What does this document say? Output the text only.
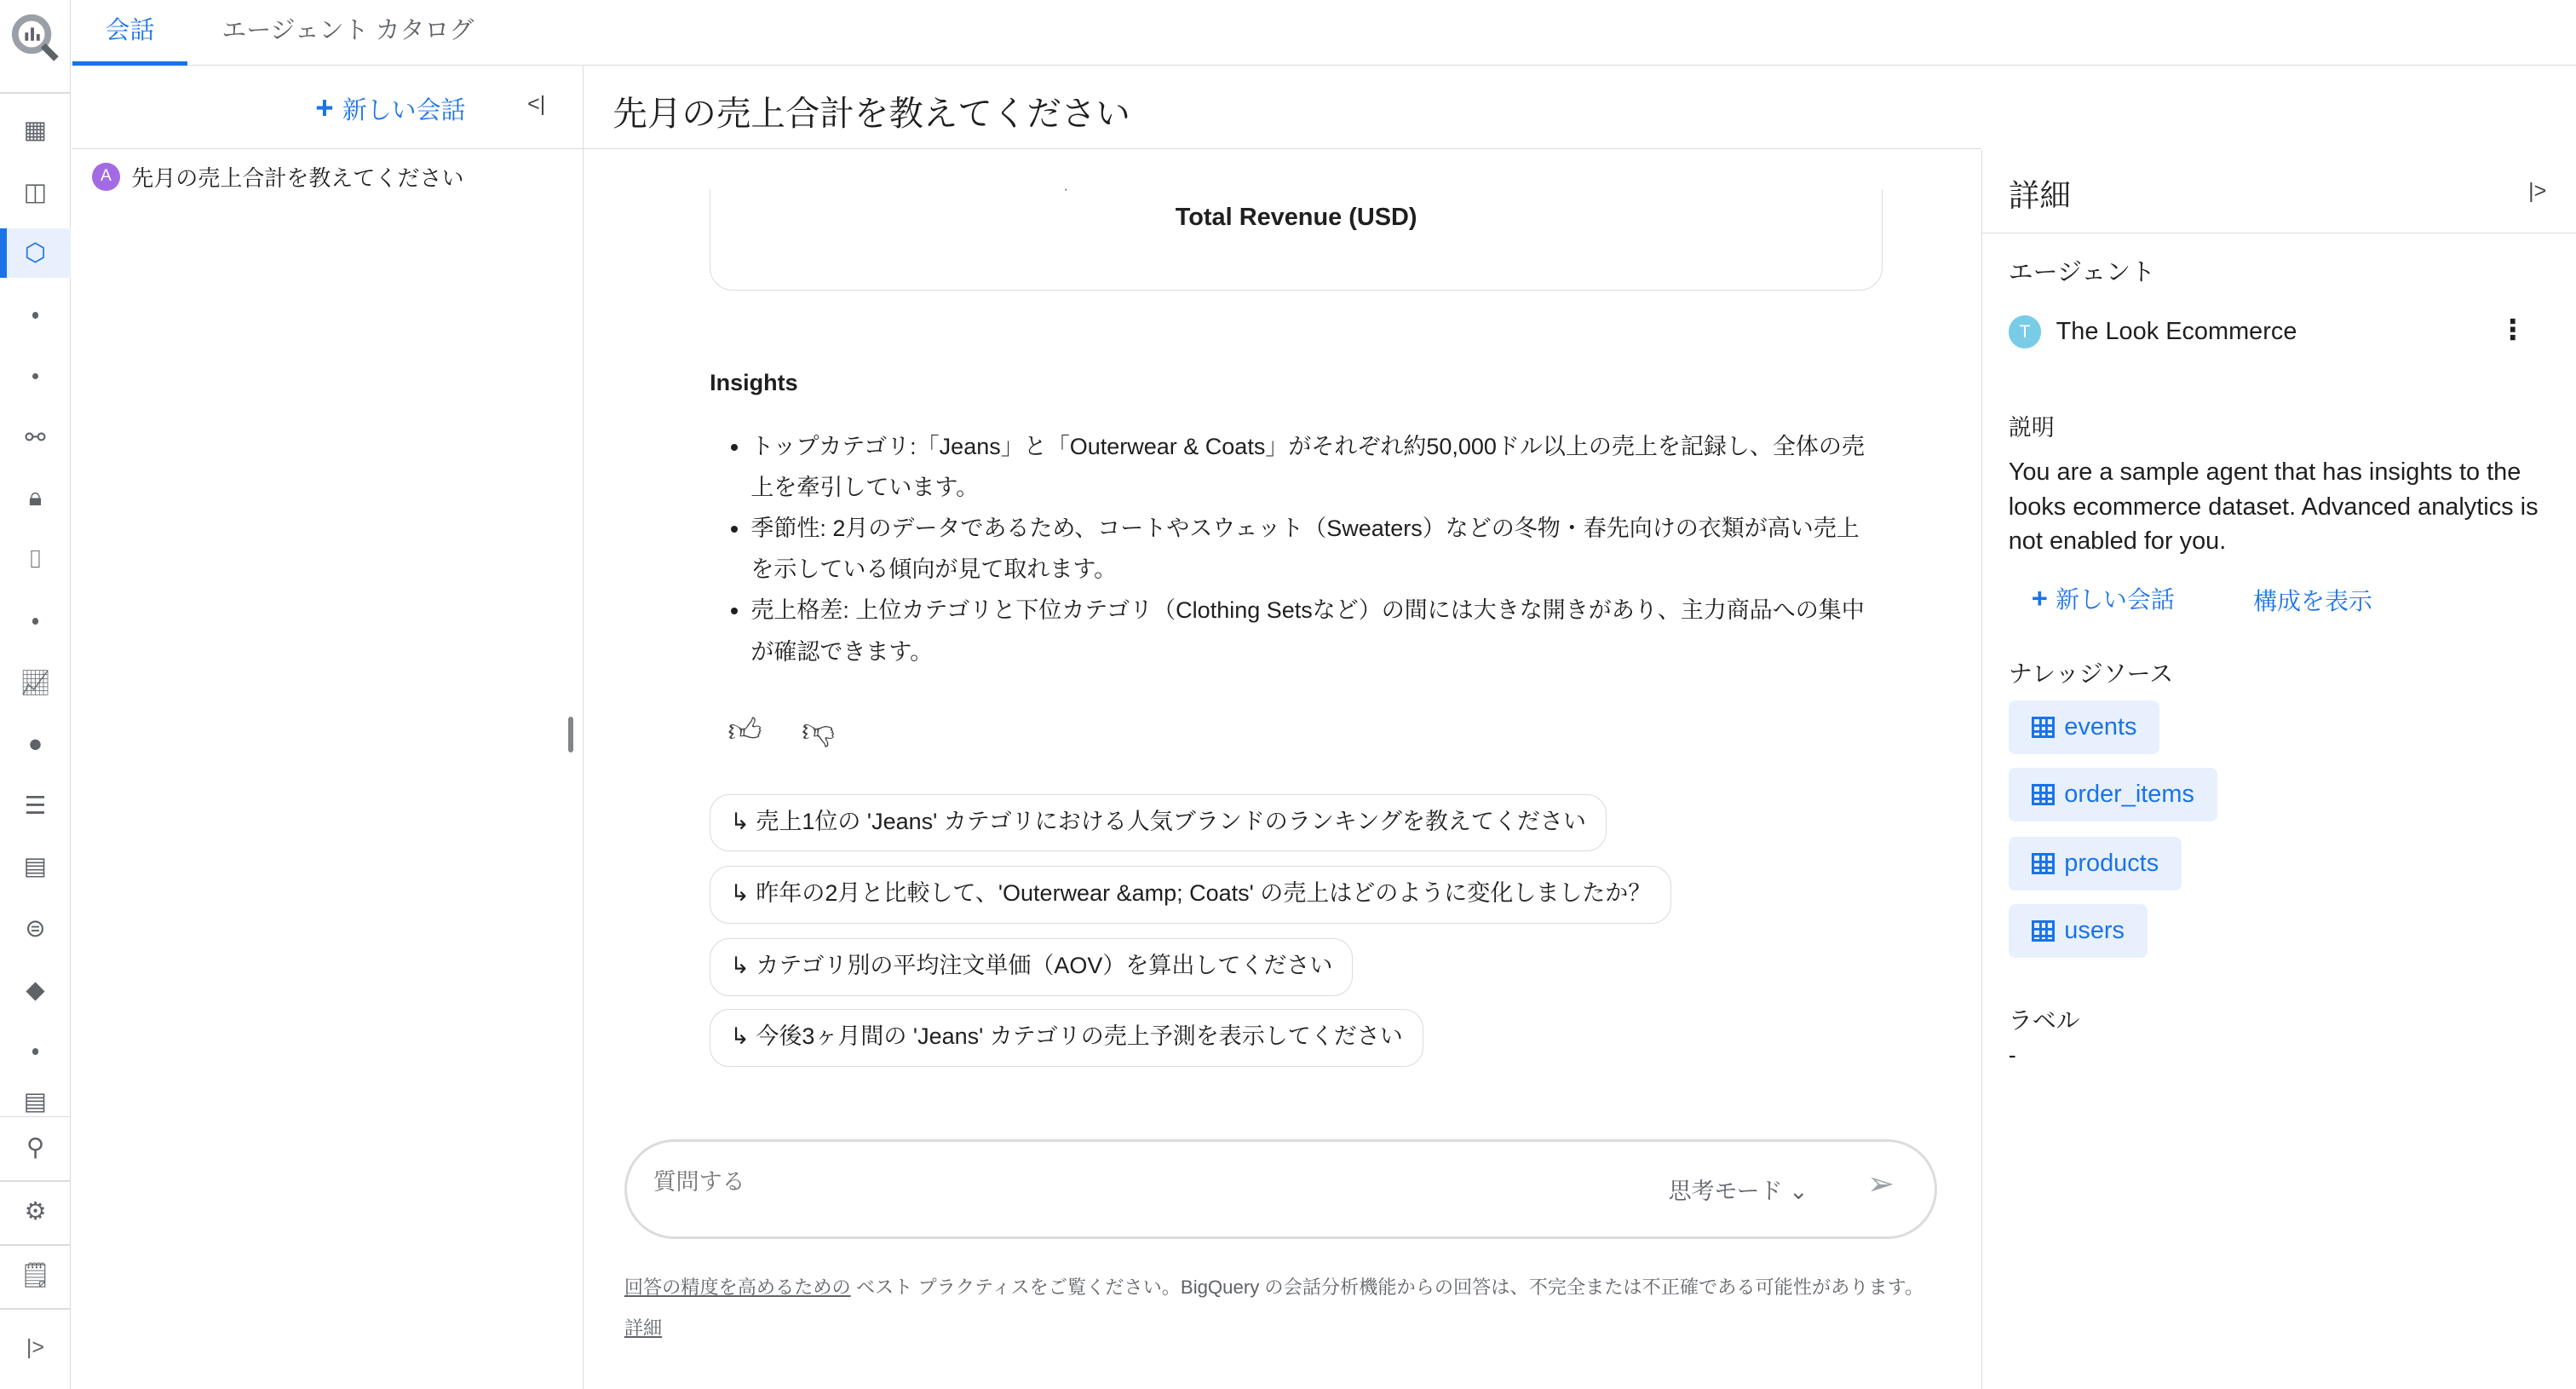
▦
◫
⬡
⚯
🔒︎
⌷
📈︎
●
☰
▤
⊜
◆
▤
⚲
⚙
🗒︎
|>
会話	エージェント カタログ
+ 新しい会話	<|
A	先月の売上合計を教えてください
先月の売上合計を教えてください
·
Total Revenue (USD)
Insights
• トップカテゴリ:「Jeans」と「Outerwear & Coats」がそれぞれ約50,000ドル以上の売上を記録し、全体の売上を牽引しています。
• 季節性: 2月のデータであるため、コートやスウェット（Sweaters）などの冬物・春先向けの衣類が高い売上を示している傾向が見て取れます。
• 売上格差: 上位カテゴリと下位カテゴリ（Clothing Setsなど）の間には大きな開きがあり、主力商品への集中が確認できます。
👍︎ 👎︎
↳ 売上1位の 'Jeans' カテゴリにおける人気ブランドのランキングを教えてください
↳ 昨年の2月と比較して、'Outerwear &amp; Coats' の売上はどのように変化しましたか？
↳ カテゴリ別の平均注文単価（AOV）を算出してください
↳ 今後3ヶ月間の 'Jeans' カテゴリの売上予測を表示してください
質問する
思考モード ⌄	➢
回答の精度を高めるための ベスト プラクティスをご覧ください。BigQuery の会話分析機能からの回答は、不完全または不正確である可能性があります。
詳細
詳細	|>
エージェント
T	The Look Ecommerce	⋮
説明
You are a sample agent that has insights to the looks ecommerce dataset. Advanced analytics is not enabled for you.
+ 新しい会話	構成を表示
ナレッジソース
events
order_items
products
users
ラベル
-
